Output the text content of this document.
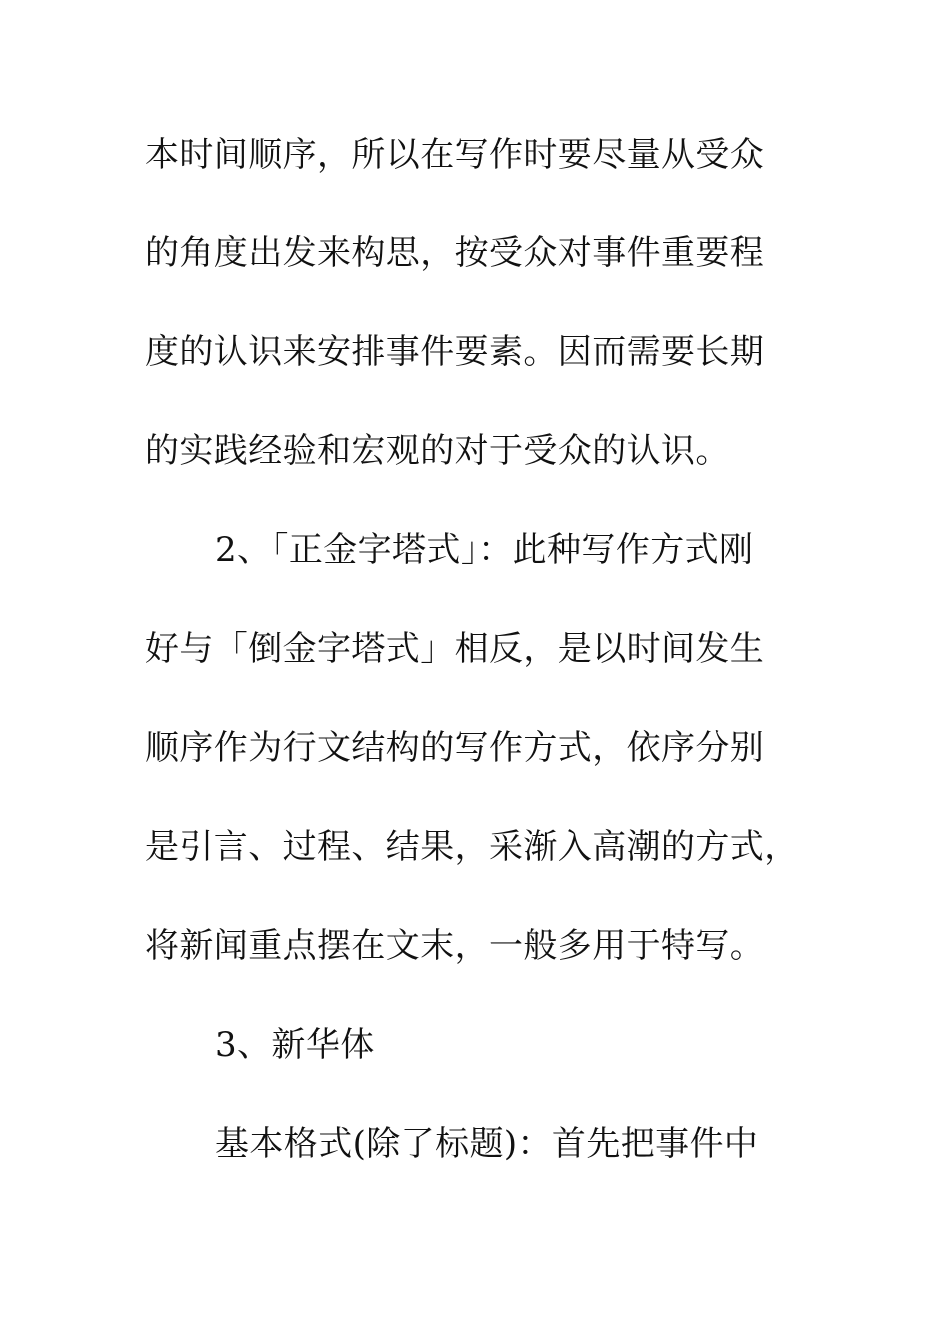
本时间顺序，所以在写作时要尽量从受众
的角度出发来构思，按受众对事件重要程
度的认识来安排事件要素。因而需要长期
的实践经验和宏观的对于受众的认识。
2、「正金字塔式」：此种写作方式刚
好与「倒金字塔式」相反，是以时间发生
顺序作为行文结构的写作方式，依序分别
是引言、过程、结果，采渐入高潮的方式，
将新闻重点摆在文末，一般多用于特写。
3、新华体
基本格式(除了标题)：首先把事件中
